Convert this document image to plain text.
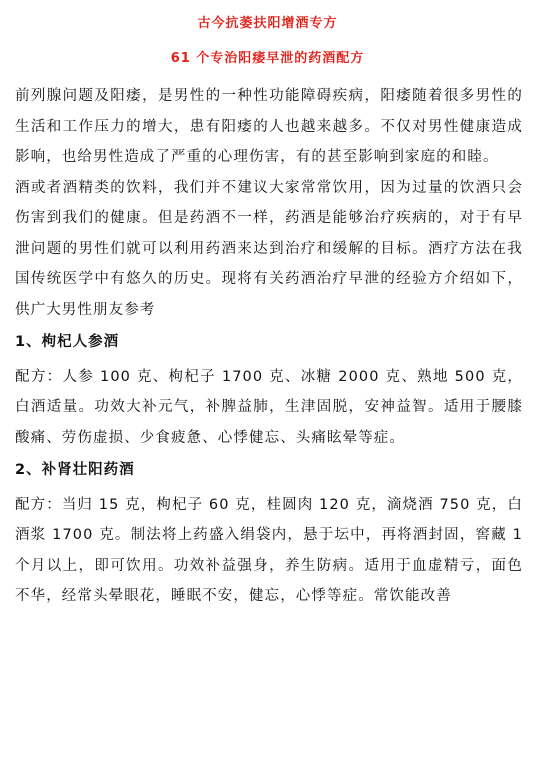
古今抗萎扶阳增酒专方
61 个专治阳痿早泄的药酒配方

前列腺问题及阳痿，是男性的一种性功能障碍疾病，阳痿随着很多男性的生活和工作压力的增大，患有阳痿的人也越来越多。不仅对男性健康造成影响，也给男性造成了严重的心理伤害，有的甚至影响到家庭的和睦。

酒或者酒精类的饮料，我们并不建议大家常常饮用，因为过量的饮酒只会伤害到我们的健康。但是药酒不一样，药酒是能够治疗疾病的，对于有早泄问题的男性们就可以利用药酒来达到治疗和缓解的目标。酒疗方法在我国传统医学中有悠久的历史。现将有关药酒治疗早泄的经验方介绍如下，供广大男性朋友参考

1、枸杞人参酒

配方：人参 100 克、枸杞子 1700 克、冰糖 2000 克、熟地 500 克，白酒适量。功效大补元气，补脾益肺，生津固脱，安神益智。适用于腰膝酸痛、劳伤虚损、少食疲惫、心悸健忘、头痛眩晕等症。

2、补肾壮阳药酒

配方：当归 15 克，枸杞子 60 克，桂圆肉 120 克，滴烧酒 750 克，白酒浆 1700 克。制法将上药盛入绢袋内，悬于坛中，再将酒封固，窖藏 1 个月以上，即可饮用。功效补益强身，养生防病。适用于血虚精亏，面色不华，经常头晕眼花，睡眠不安，健忘，心悸等症。常饮能改善
